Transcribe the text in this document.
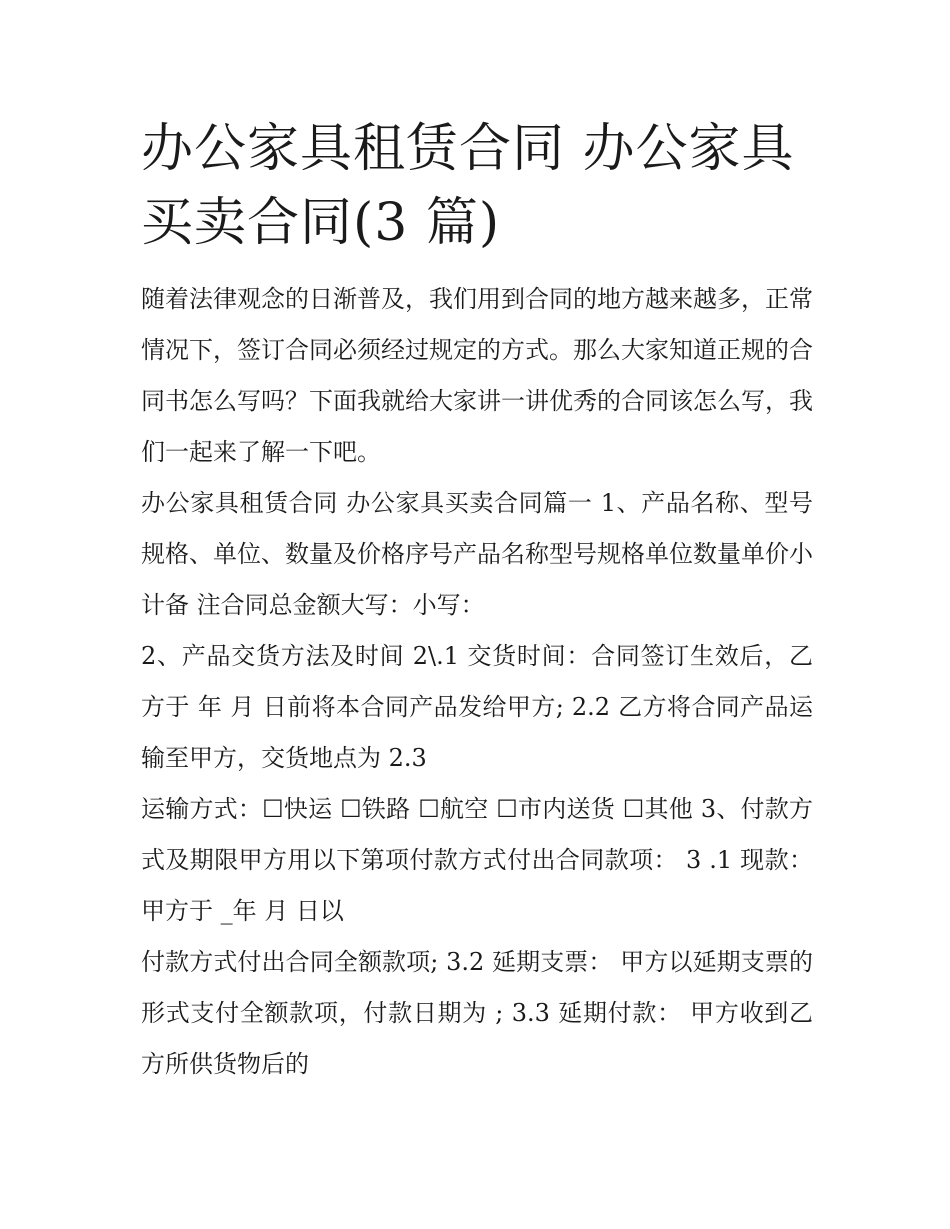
办公家具租赁合同 办公家具买卖合同(3 篇)

随着法律观念的日渐普及，我们用到合同的地方越来越多，正常情况下，签订合同必须经过规定的方式。那么大家知道正规的合同书怎么写吗？下面我就给大家讲一讲优秀的合同该怎么写，我们一起来了解一下吧。

办公家具租赁合同 办公家具买卖合同篇一 1、产品名称、型号规格、单位、数量及价格序号产品名称型号规格单位数量单价小计备 注合同总金额大写：小写：

2、产品交货方法及时间 2\.1 交货时间：合同签订生效后，乙方于 年 月 日前将本合同产品发给甲方; 2.2 乙方将合同产品运输至甲方，交货地点为 2.3

运输方式：☐快运 ☐铁路 ☐航空 ☐市内送货 ☐其他 3、付款方式及期限甲方用以下第项付款方式付出合同款项： 3 .1 现款： 甲方于 _年 月 日以

付款方式付出合同全额款项; 3.2 延期支票： 甲方以延期支票的形式支付全额款项，付款日期为 ; 3.3 延期付款： 甲方收到乙方所供货物后的
